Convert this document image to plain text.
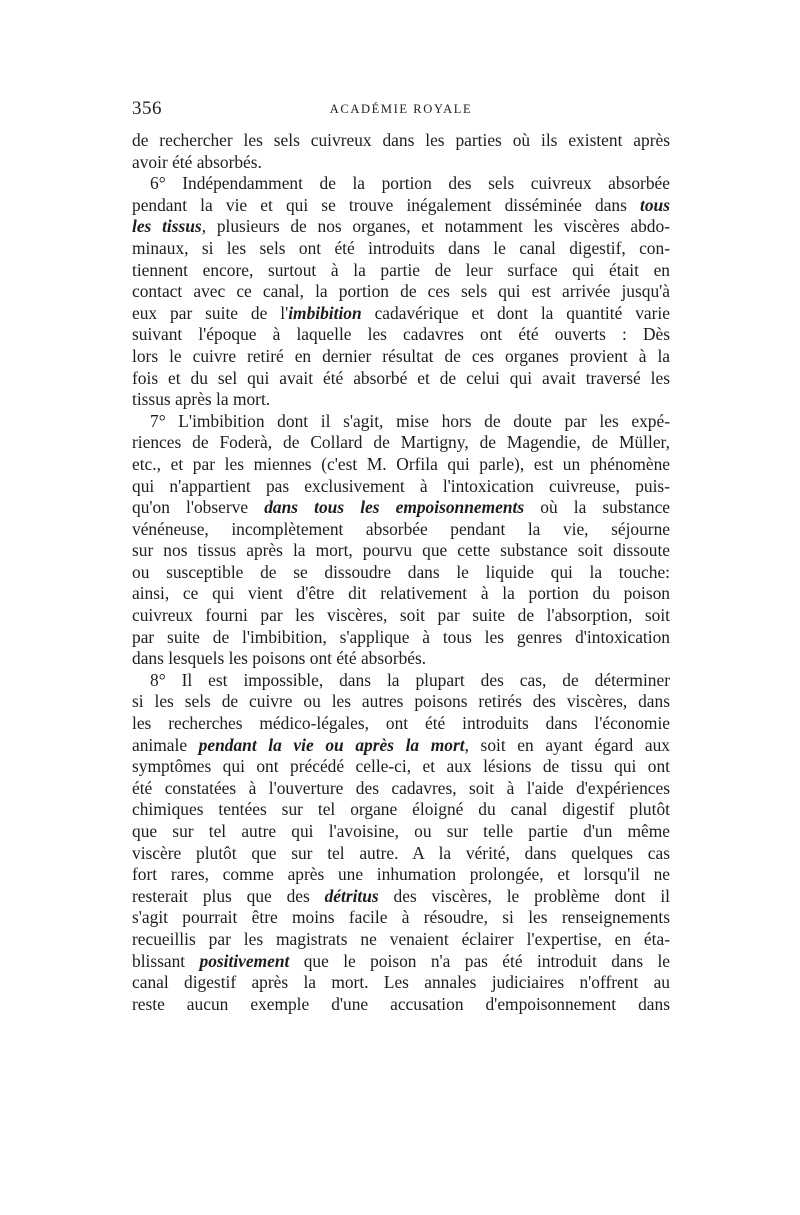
356	ACADÉMIE ROYALE
de rechercher les sels cuivreux dans les parties où ils existent après
avoir été absorbés.
6° Indépendamment de la portion des sels cuivreux absorbée
pendant la vie et qui se trouve inégalement disséminée dans tous
les tissus, plusieurs de nos organes, et notamment les viscères abdo-
minaux, si les sels ont été introduits dans le canal digestif, con-
tiennent encore, surtout à la partie de leur surface qui était en
contact avec ce canal, la portion de ces sels qui est arrivée jusqu'à
eux par suite de l'imbibition cadavérique et dont la quantité varie
suivant l'époque à laquelle les cadavres ont été ouverts : Dès
lors le cuivre retiré en dernier résultat de ces organes provient à la
fois et du sel qui avait été absorbé et de celui qui avait traversé les
tissus après la mort.
7° L'imbibition dont il s'agit, mise hors de doute par les expé-
riences de Foderà, de Collard de Martigny, de Magendie, de Müller,
etc., et par les miennes (c'est M. Orfila qui parle), est un phénomène
qui n'appartient pas exclusivement à l'intoxication cuivreuse, puis-
qu'on l'observe dans tous les empoisonnements où la substance
vénéneuse, incomplètement absorbée pendant la vie, séjourne
sur nos tissus après la mort, pourvu que cette substance soit dissoute
ou susceptible de se dissoudre dans le liquide qui la touche:
ainsi, ce qui vient d'être dit relativement à la portion du poison
cuivreux fourni par les viscères, soit par suite de l'absorption, soit
par suite de l'imbibition, s'applique à tous les genres d'intoxication
dans lesquels les poisons ont été absorbés.
8° Il est impossible, dans la plupart des cas, de déterminer
si les sels de cuivre ou les autres poisons retirés des viscères, dans
les recherches médico-légales, ont été introduits dans l'économie
animale pendant la vie ou après la mort, soit en ayant égard aux
symptômes qui ont précédé celle-ci, et aux lésions de tissu qui ont
été constatées à l'ouverture des cadavres, soit à l'aide d'expériences
chimiques tentées sur tel organe éloigné du canal digestif plutôt
que sur tel autre qui l'avoisine, ou sur telle partie d'un même
viscère plutôt que sur tel autre. A la vérité, dans quelques cas
fort rares, comme après une inhumation prolongée, et lorsqu'il ne
resterait plus que des détritus des viscères, le problème dont il
s'agit pourrait être moins facile à résoudre, si les renseignements
recueillis par les magistrats ne venaient éclairer l'expertise, en éta-
blissant positivement que le poison n'a pas été introduit dans le
canal digestif après la mort. Les annales judiciaires n'offrent au
reste aucun exemple d'une accusation d'empoisonnement dans
